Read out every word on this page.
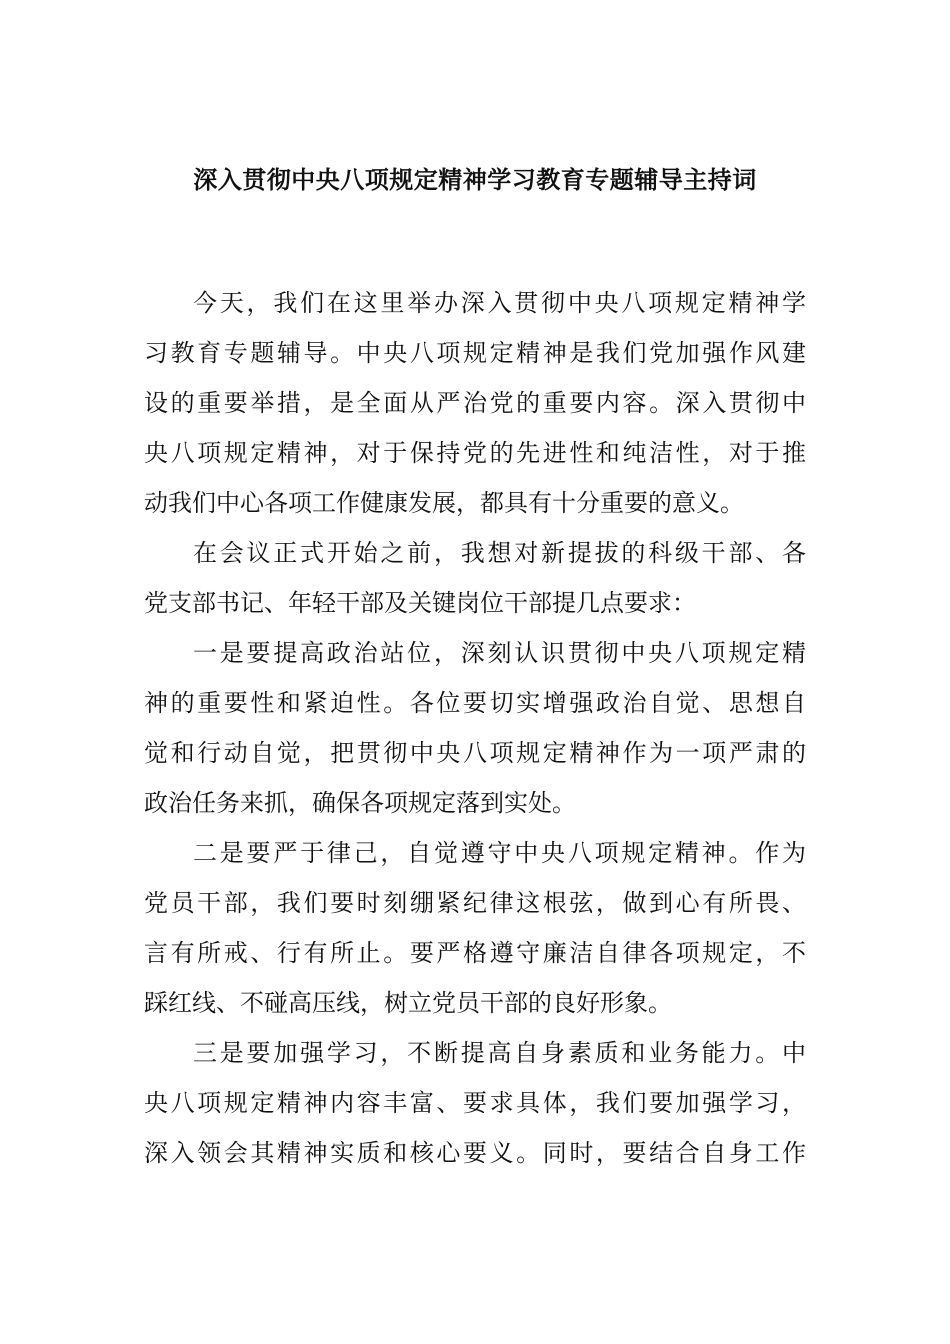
深入贯彻中央八项规定精神学习教育专题辅导主持词
今天，我们在这里举办深入贯彻中央八项规定精神学
习教育专题辅导。中央八项规定精神是我们党加强作风建
设的重要举措，是全面从严治党的重要内容。深入贯彻中
央八项规定精神，对于保持党的先进性和纯洁性，对于推
动我们中心各项工作健康发展，都具有十分重要的意义。
在会议正式开始之前，我想对新提拔的科级干部、各
党支部书记、年轻干部及关键岗位干部提几点要求：
一是要提高政治站位，深刻认识贯彻中央八项规定精
神的重要性和紧迫性。各位要切实增强政治自觉、思想自
觉和行动自觉，把贯彻中央八项规定精神作为一项严肃的
政治任务来抓，确保各项规定落到实处。
二是要严于律己，自觉遵守中央八项规定精神。作为
党员干部，我们要时刻绷紧纪律这根弦，做到心有所畏、
言有所戒、行有所止。要严格遵守廉洁自律各项规定，不
踩红线、不碰高压线，树立党员干部的良好形象。
三是要加强学习，不断提高自身素质和业务能力。中
央八项规定精神内容丰富、要求具体，我们要加强学习，
深入领会其精神实质和核心要义。同时，要结合自身工作
